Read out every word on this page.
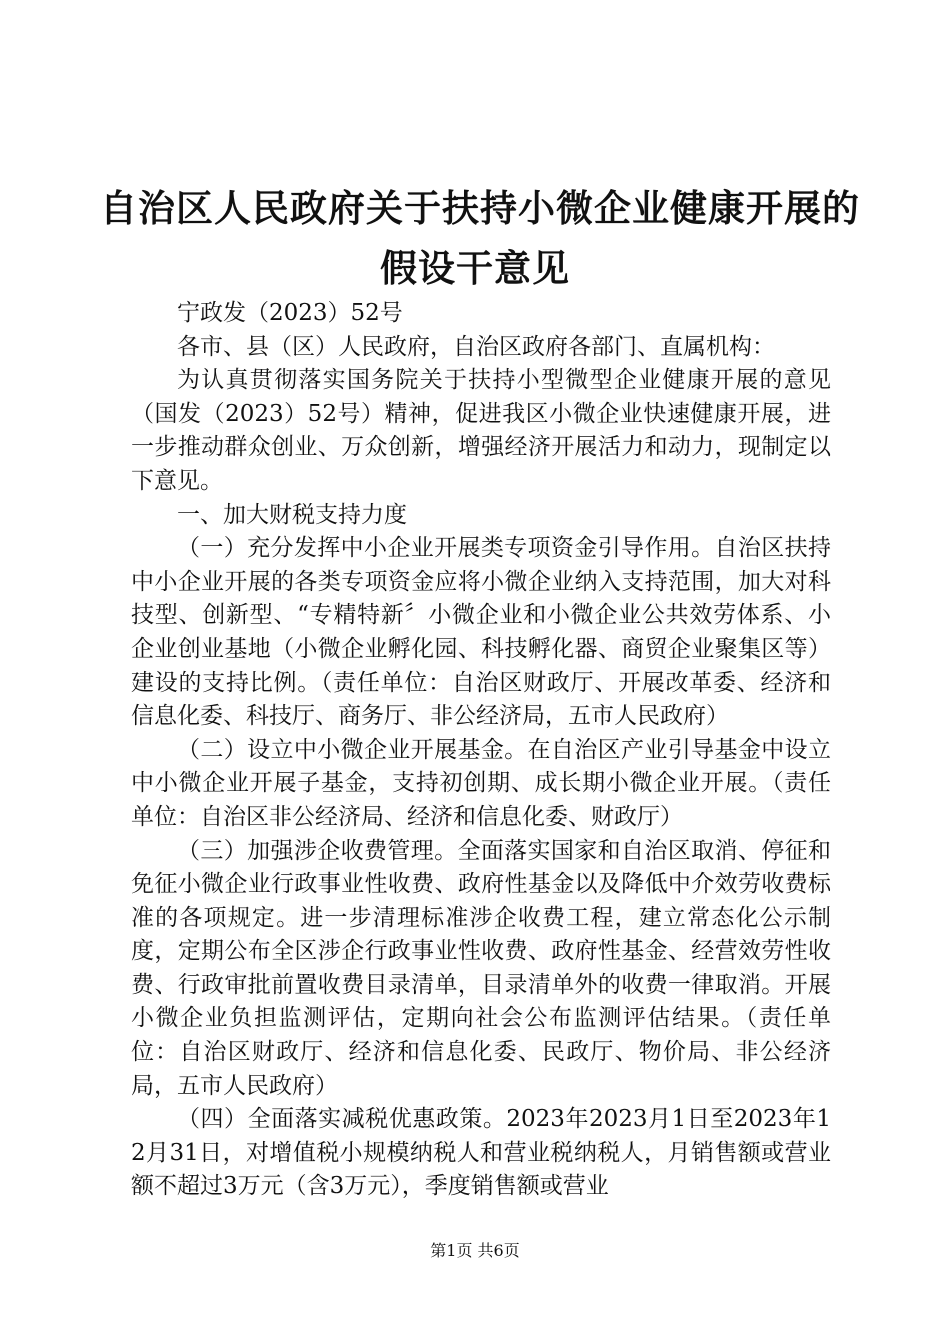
自治区人民政府关于扶持小微企业健康开展的
假设干意见

宁政发（2023）52号

各市、县（区）人民政府，自治区政府各部门、直属机构：

为认真贯彻落实国务院关于扶持小型微型企业健康开展的意见（国发（2023）52号）精神，促进我区小微企业快速健康开展，进一步推动群众创业、万众创新，增强经济开展活力和动力，现制定以下意见。

一、加大财税支持力度

（一）充分发挥中小企业开展类专项资金引导作用。自治区扶持中小企业开展的各类专项资金应将小微企业纳入支持范围，加大对科技型、创新型、“专精特新〞小微企业和小微企业公共效劳体系、小企业创业基地（小微企业孵化园、科技孵化器、商贸企业聚集区等）建设的支持比例。（责任单位：自治区财政厅、开展改革委、经济和信息化委、科技厅、商务厅、非公经济局，五市人民政府）

（二）设立中小微企业开展基金。在自治区产业引导基金中设立中小微企业开展子基金，支持初创期、成长期小微企业开展。（责任单位：自治区非公经济局、经济和信息化委、财政厅）

（三）加强涉企收费管理。全面落实国家和自治区取消、停征和免征小微企业行政事业性收费、政府性基金以及降低中介效劳收费标准的各项规定。进一步清理标准涉企收费工程，建立常态化公示制度，定期公布全区涉企行政事业性收费、政府性基金、经营效劳性收费、行政审批前置收费目录清单，目录清单外的收费一律取消。开展小微企业负担监测评估，定期向社会公布监测评估结果。（责任单位：自治区财政厅、经济和信息化委、民政厅、物价局、非公经济局，五市人民政府）

（四）全面落实减税优惠政策。2023年2023月1日至2023年12月31日，对增值税小规模纳税人和营业税纳税人，月销售额或营业额不超过3万元（含3万元），季度销售额或营业

第1页 共6页
